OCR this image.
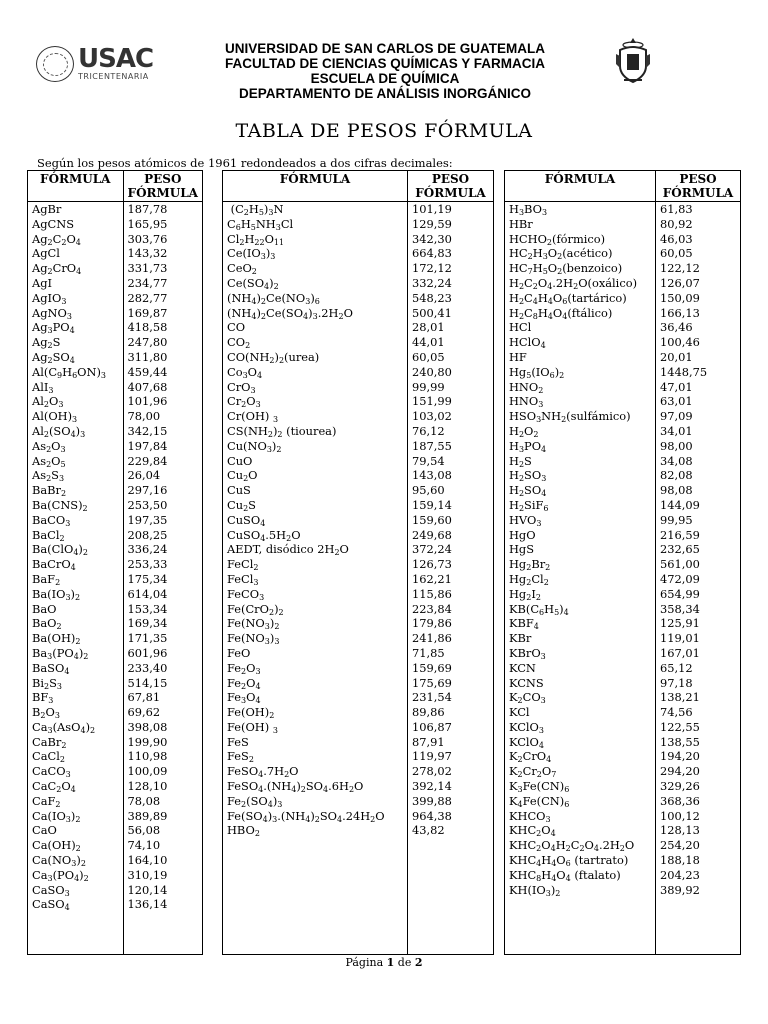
USAC
TRICENTENARIA
UNIVERSIDAD DE SAN CARLOS DE GUATEMALA
FACULTAD DE CIENCIAS QUÍMICAS Y FARMACIA
ESCUELA DE QUÍMICA
DEPARTAMENTO DE ANÁLISIS INORGÁNICO
TABLA DE PESOS FÓRMULA
Según los pesos atómicos de 1961 redondeados a dos cifras decimales:
FÓRMULA	PESO
FÓRMULA
AgBr	187,78
AgCNS	165,95
$Ag_2C_2O_4$	303,76
AgCl	143,32
$Ag_2CrO_4$	331,73
AgI	234,77
AgIO$_3$	282,77
AgNO$_3$	169,87
$Ag_3PO_4$	418,58
$Ag_2S$	247,80
$Ag_2SO_4$	311,80
$Al(C_9H_6ON)_3$	459,44
AlI$_3$	407,68
$Al_2O_3$	101,96
$Al(OH)_3$	78,00
$Al_2(SO_4)_3$	342,15
$As_2O_3$	197,84
$As_2O_5$	229,84
$As_2S_3$	26,04
BaBr$_2$	297,16
$Ba(CNS)_2$	253,50
BaCO$_3$	197,35
BaCl$_2$	208,25
$Ba(ClO_4)_2$	336,24
BaCrO$_4$	253,33
BaF$_2$	175,34
$Ba(IO_3)_2$	614,04
BaO	153,34
BaO$_2$	169,34
$Ba(OH)_2$	171,35
$Ba_3(PO_4)_2$	601,96
BaSO$_4$	233,40
$Bi_2S_3$	514,15
$BF_3$	67,81
$B_2O_3$	69,62
$Ca_3(AsO_4)_2$	398,08
CaBr$_2$	199,90
CaCl$_2$	110,98
CaCO$_3$	100,09
$CaC_2O_4$	128,10
CaF$_2$	78,08
$Ca(IO_3)_2$	389,89
CaO	56,08
$Ca(OH)_2$	74,10
$Ca(NO_3)_2$	164,10
$Ca_3(PO_4)_2$	310,19
CaSO$_3$	120,14
CaSO$_4$	136,14

FÓRMULA	PESO
FÓRMULA
$(C_2H_5)_3N$	101,19
$C_6H_5NH_3Cl$	129,59
$Cl_2H_{22}O_{11}$	342,30
$Ce(IO_3)_3$	664,83
CeO$_2$	172,12
$Ce(SO_4)_2$	332,24
$(NH_4)_2Ce(NO_3)_6$	548,23
$(NH_4)_2Ce(SO_4)_3.2H_2O$	500,41
CO	28,01
$CO_2$	44,01
$CO(NH_2)_2(urea)$	60,05
$Co_3O_4$	240,80
CrO$_3$	99,99
$Cr_2O_3$	151,99
Cr(OH) $_3$	103,02
$CS(NH_2)_2$ (tiourea)	76,12
$Cu(NO_3)_2$	187,55
CuO	79,54
$Cu_2O$	143,08
CuS	95,60
$Cu_2S$	159,14
CuSO$_4$	159,60
$CuSO_4.5H_2O$	249,68
AEDT, disódico $2H_2O$	372,24
FeCl$_2$	126,73
FeCl$_3$	162,21
FeCO$_3$	115,86
$Fe(CrO_2)_2$	223,84
$Fe(NO_3)_2$	179,86
$Fe(NO_3)_3$	241,86
FeO	71,85
$Fe_2O_3$	159,69
$Fe_2O_4$	175,69
$Fe_3O_4$	231,54
$Fe(OH)_2$	89,86
Fe(OH) $_3$	106,87
FeS	87,91
FeS$_2$	119,97
$FeSO_4.7H_2O$	278,02
$FeSO_4.(NH_4)_2SO_4.6H_2O$	392,14
$Fe_2(SO_4)_3$	399,88
$Fe(SO_4)_3.(NH_4)_2SO_4.24H_2O$	964,38
$HBO_2$	43,82

FÓRMULA	PESO
FÓRMULA
$H_3BO_3$	61,83
HBr	80,92
$HCHO_2(fórmico)$	46,03
$HC_2H_3O_2(acético)$	60,05
$HC_7H_5O_2(benzoico)$	122,12
$H_2C_2O_4.2H_2O(oxálico)$	126,07
$H_2C_4H_4O_6(tartárico)$	150,09
$H_2C_8H_4O_4(ftálico)$	166,13
HCl	36,46
HClO$_4$	100,46
HF	20,01
$Hg_5(IO_6)_2$	1448,75
$HNO_2$	47,01
$HNO_3$	63,01
$HSO_3NH_2(sulfámico)$	97,09
$H_2O_2$	34,01
$H_3PO_4$	98,00
$H_2S$	34,08
$H_2SO_3$	82,08
$H_2SO_4$	98,08
$H_2SiF_6$	144,09
$HVO_3$	99,95
HgO	216,59
HgS	232,65
$Hg_2Br_2$	561,00
$Hg_2Cl_2$	472,09
$Hg_2I_2$	654,99
$KB(C_6H_5)_4$	358,34
$KBF_4$	125,91
KBr	119,01
KBrO$_3$	167,01
KCN	65,12
KCNS	97,18
$K_2CO_3$	138,21
KCl	74,56
KClO$_3$	122,55
KClO$_4$	138,55
$K_2CrO_4$	194,20
$K_2Cr_2O_7$	294,20
$K_3Fe(CN)_6$	329,26
$K_4Fe(CN)_6$	368,36
$KHCO_3$	100,12
$KHC_2O_4$	128,13
$KHC_2O_4H_2C_2O_4.2H_2O$	254,20
$KHC_4H_4O_6$ (tartrato)	188,18
$KHC_8H_4O_4$ (ftalato)	204,23
$KH(IO_3)_2$	389,92

Página 1 de 2
